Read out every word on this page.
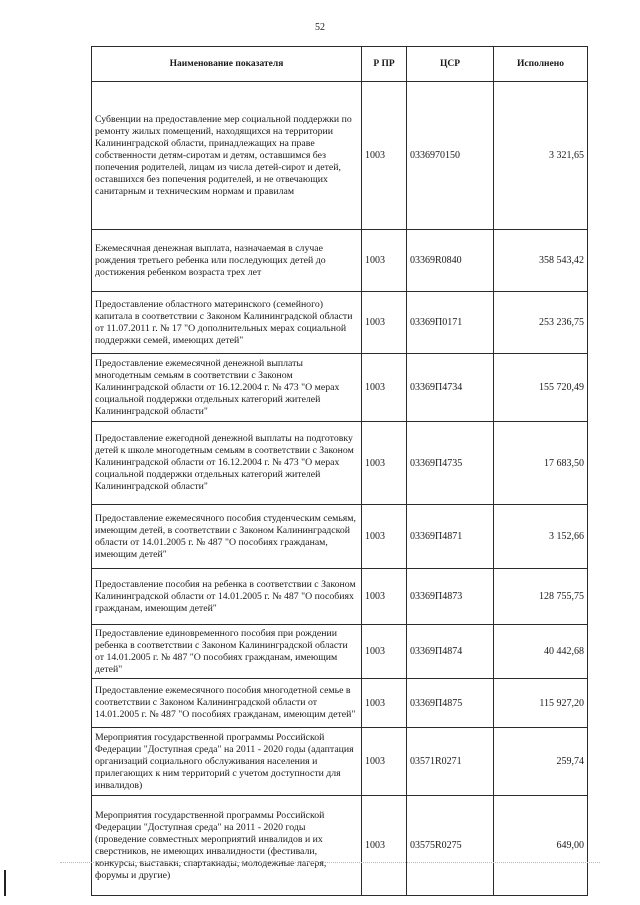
52
Наименование показателя	Р ПР	ЦСР	Исполнено
Субвенции на предоставление мер социальной поддержки по ремонту жилых помещений, находящихся на территории Калининградской области, принадлежащих на праве собственности детям-сиротам и детям, оставшимся без попечения родителей, лицам из числа детей-сирот и детей, оставшихся без попечения родителей, и не отвечающих санитарным и техническим нормам и правилам	1003	0336970150	3 321,65
Ежемесячная денежная выплата, назначаемая в случае рождения третьего ребенка или последующих детей до достижения ребенком возраста трех лет	1003	03369R0840	358 543,42
Предоставление областного материнского (семейного) капитала в соответствии с Законом Калининградской области от 11.07.2011 г. № 17 "О дополнительных мерах социальной поддержки семей, имеющих детей"	1003	03369П0171	253 236,75
Предоставление ежемесячной денежной выплаты многодетным семьям в соответствии с Законом Калининградской области от 16.12.2004 г. № 473 "О мерах социальной поддержки отдельных категорий жителей Калининградской области"	1003	03369П4734	155 720,49
Предоставление ежегодной денежной выплаты на подготовку детей к школе многодетным семьям в соответствии с Законом Калининградской области от 16.12.2004 г. № 473 "О мерах социальной поддержки отдельных категорий жителей Калининградской области"	1003	03369П4735	17 683,50
Предоставление ежемесячного пособия студенческим семьям, имеющим детей, в соответствии с Законом Калининградской области от 14.01.2005 г. № 487 "О пособиях гражданам, имеющим детей"	1003	03369П4871	3 152,66
Предоставление пособия на ребенка в соответствии с Законом Калининградской области от 14.01.2005 г. № 487 "О пособиях гражданам, имеющим детей"	1003	03369П4873	128 755,75
Предоставление единовременного пособия при рождении ребенка в соответствии с Законом Калининградской области от 14.01.2005 г. № 487 "О пособиях гражданам, имеющим детей"	1003	03369П4874	40 442,68
Предоставление ежемесячного пособия многодетной семье в соответствии с Законом Калининградской области от 14.01.2005 г. № 487 "О пособиях гражданам, имеющим детей"	1003	03369П4875	115 927,20
Мероприятия государственной программы Российской Федерации "Доступная среда" на 2011 - 2020 годы (адаптация организаций социального обслуживания населения и прилегающих к ним территорий с учетом доступности для инвалидов)	1003	03571R0271	259,74
Мероприятия государственной программы Российской Федерации "Доступная среда" на 2011 - 2020 годы (проведение совместных мероприятий инвалидов и их сверстников, не имеющих инвалидности (фестивали, конкурсы, выставки, спартакиады, молодежные лагеря, форумы и другие)	1003	03575R0275	649,00
